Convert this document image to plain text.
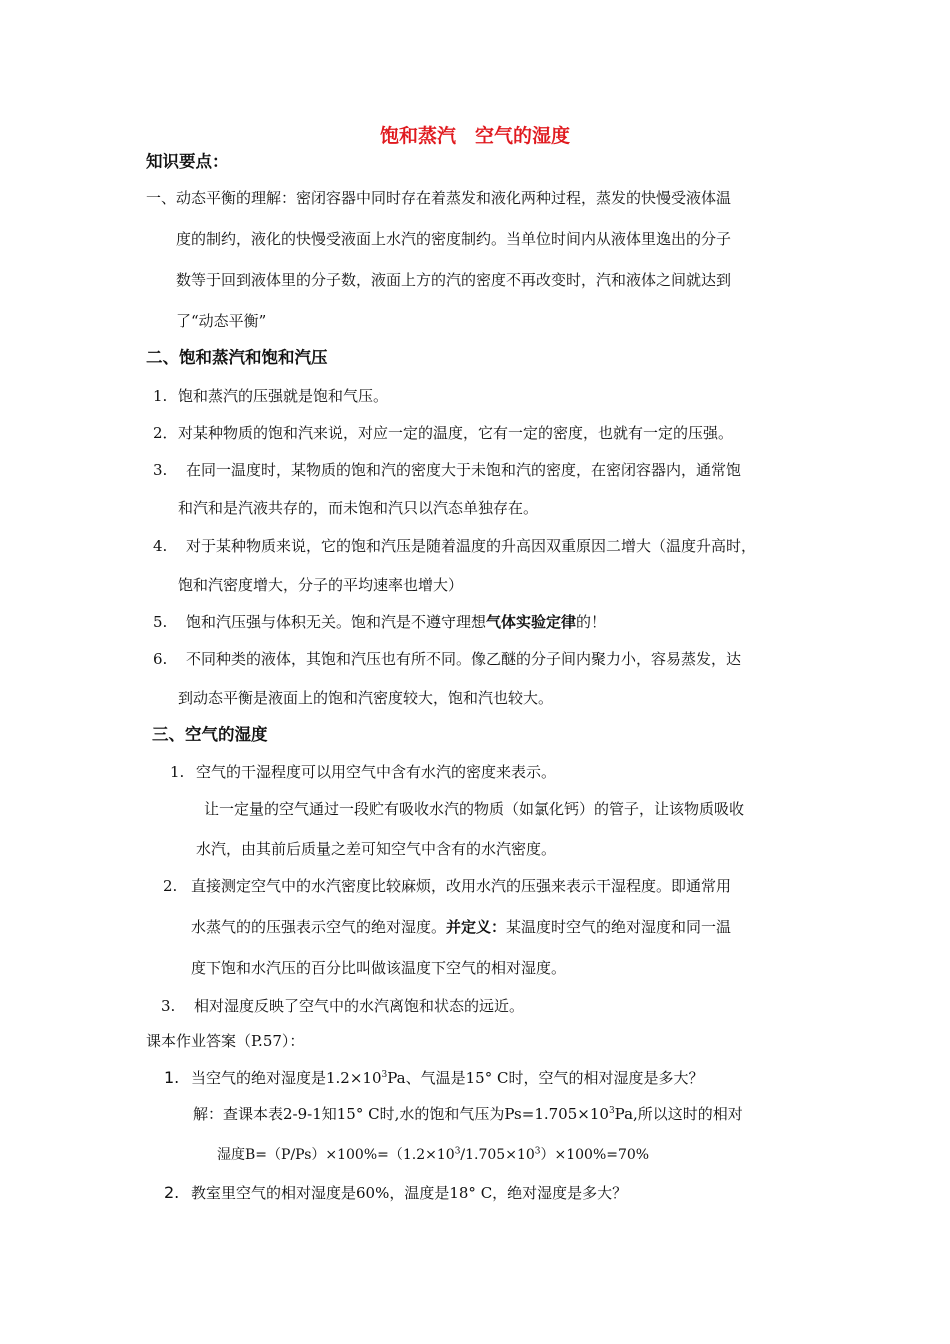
饱和蒸汽　空气的湿度
知识要点：
一、动态平衡的理解：密闭容器中同时存在着蒸发和液化两种过程，蒸发的快慢受液体温
度的制约，液化的快慢受液面上水汽的密度制约。当单位时间内从液体里逸出的分子
数等于回到液体里的分子数，液面上方的汽的密度不再改变时，汽和液体之间就达到
了“动态平衡”
二、饱和蒸汽和饱和汽压
1. 饱和蒸汽的压强就是饱和气压。
2． 对某种物质的饱和汽来说，对应一定的温度，它有一定的密度，也就有一定的压强。
3. 在同一温度时，某物质的饱和汽的密度大于未饱和汽的密度，在密闭容器内，通常饱
和汽和是汽液共存的，而未饱和汽只以汽态单独存在。
4. 对于某种物质来说，它的饱和汽压是随着温度的升高因双重原因二增大（温度升高时，
饱和汽密度增大，分子的平均速率也增大）
5. 饱和汽压强与体积无关。饱和汽是不遵守理想气体实验定律的！
6. 不同种类的液体，其饱和汽压也有所不同。像乙醚的分子间内聚力小，容易蒸发，达
到动态平衡是液面上的饱和汽密度较大，饱和汽也较大。
三、空气的湿度
1. 空气的干湿程度可以用空气中含有水汽的密度来表示。
让一定量的空气通过一段贮有吸收水汽的物质（如氯化钙）的管子，让该物质吸收
水汽，由其前后质量之差可知空气中含有的水汽密度。
2. 直接测定空气中的水汽密度比较麻烦，改用水汽的压强来表示干湿程度。即通常用
水蒸气的的压强表示空气的绝对湿度。并定义：某温度时空气的绝对湿度和同一温
度下饱和水汽压的百分比叫做该温度下空气的相对湿度。
3. 相对湿度反映了空气中的水汽离饱和状态的远近。
课本作业答案（P.57）：
1. 当空气的绝对湿度是$1.2\times 10^3Pa$、气温是15° C时，空气的相对湿度是多大？
解：查课本表2-9-1知15° C时,水的饱和气压为$Ps=1.705\times 10^3Pa$,所以这时的相对
湿度$B=(P/Ps)\times 100\%=(1.2\times 10^3/1.705\times 10^3)\times 100\%=70\%$
2. 教室里空气的相对湿度是60%，温度是18° C，绝对湿度是多大？
